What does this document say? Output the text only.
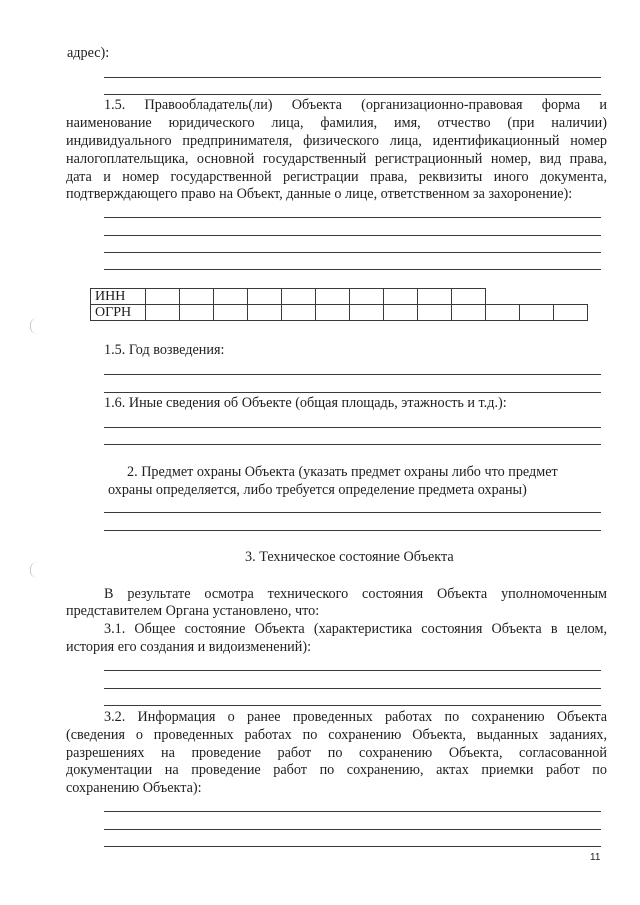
адрес):
1.5. Правообладатель(ли) Объекта (организационно-правовая форма и
наименование юридического лица, фамилия, имя, отчество (при наличии)
индивидуального предпринимателя, физического лица, идентификационный номер
налогоплательщика, основной государственный регистрационный номер, вид права,
дата и номер государственной регистрации права, реквизиты иного документа,
подтверждающего право на Объект, данные о лице, ответственном за захоронение):
ИНН													
ОГРН													
1.5. Год возведения:
1.6. Иные сведения об Объекте (общая площадь, этажность и т.д.):
2. Предмет охраны Объекта (указать предмет охраны либо что предмет
охраны определяется, либо требуется определение предмета охраны)
3. Техническое состояние Объекта
В результате осмотра технического состояния Объекта уполномоченным
представителем Органа установлено, что:
3.1. Общее состояние Объекта (характеристика состояния Объекта в целом,
история его создания и видоизменений):
3.2. Информация о ранее проведенных работах по сохранению Объекта
(сведения о проведенных работах по сохранению Объекта, выданных заданиях,
разрешениях на проведение работ по сохранению Объекта, согласованной
документации на проведение работ по сохранению, актах приемки работ по
сохранению Объекта):
11
